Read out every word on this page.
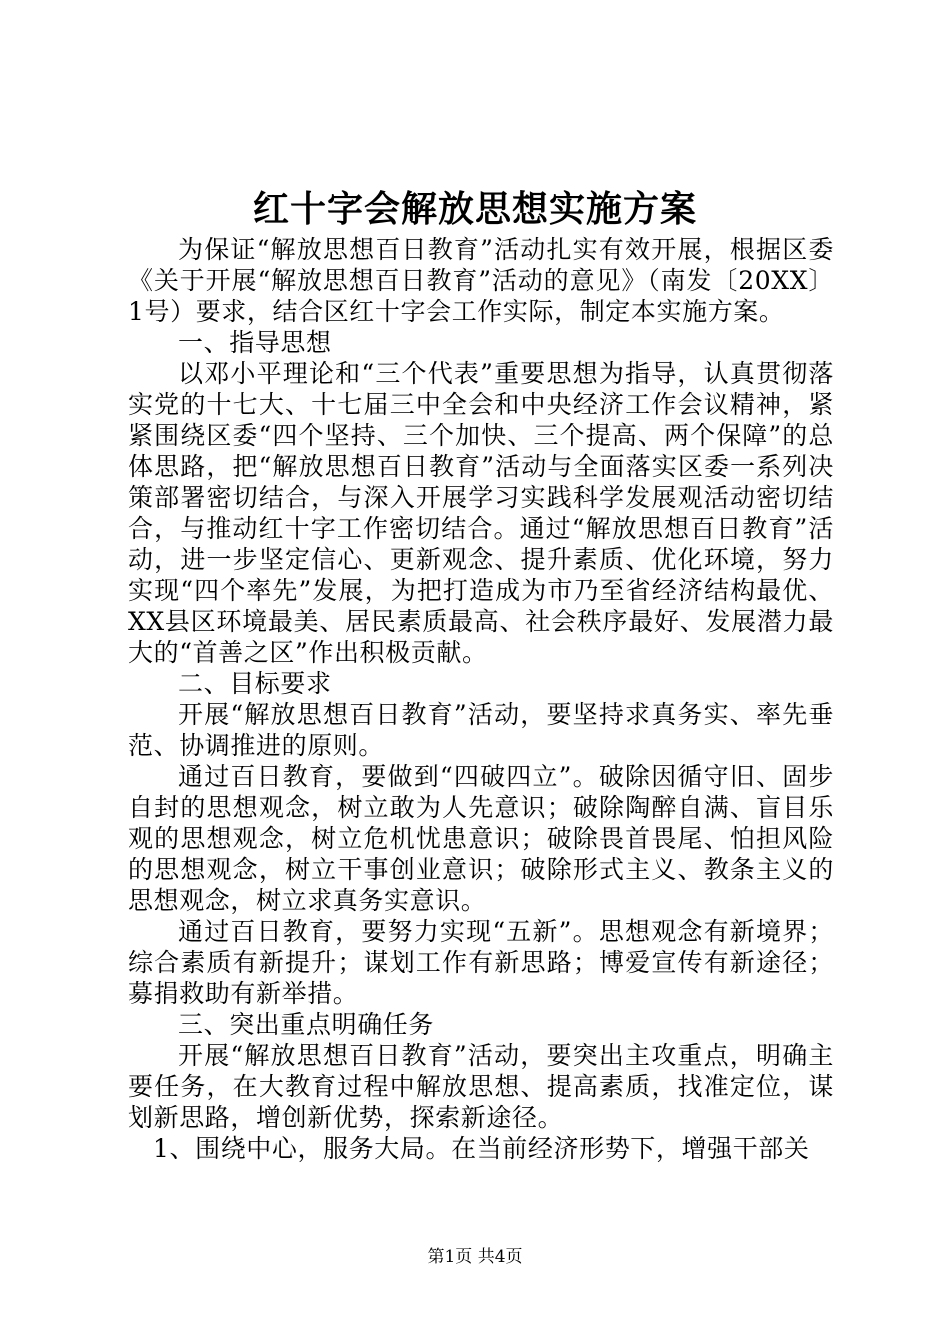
红十字会解放思想实施方案

为保证“解放思想百日教育”活动扎实有效开展，根据区委《关于开展“解放思想百日教育”活动的意见》（南发〔20XX〕1号）要求，结合区红十字会工作实际，制定本实施方案。

一、指导思想

以邓小平理论和“三个代表”重要思想为指导，认真贯彻落实党的十七大、十七届三中全会和中央经济工作会议精神，紧紧围绕区委“四个坚持、三个加快、三个提高、两个保障”的总体思路，把“解放思想百日教育”活动与全面落实区委一系列决策部署密切结合，与深入开展学习实践科学发展观活动密切结合，与推动红十字工作密切结合。通过“解放思想百日教育”活动，进一步坚定信心、更新观念、提升素质、优化环境，努力实现“四个率先”发展，为把打造成为市乃至省经济结构最优、XX县区环境最美、居民素质最高、社会秩序最好、发展潜力最大的“首善之区”作出积极贡献。

二、目标要求

开展“解放思想百日教育”活动，要坚持求真务实、率先垂范、协调推进的原则。

通过百日教育，要做到“四破四立”。破除因循守旧、固步自封的思想观念，树立敢为人先意识；破除陶醉自满、盲目乐观的思想观念，树立危机忧患意识；破除畏首畏尾、怕担风险的思想观念，树立干事创业意识；破除形式主义、教条主义的思想观念，树立求真务实意识。

通过百日教育，要努力实现“五新”。思想观念有新境界；综合素质有新提升；谋划工作有新思路；博爱宣传有新途径；募捐救助有新举措。

三、突出重点明确任务

开展“解放思想百日教育”活动，要突出主攻重点，明确主要任务，在大教育过程中解放思想、提高素质，找准定位，谋划新思路，增创新优势，探索新途径。

1、围绕中心，服务大局。在当前经济形势下，增强干部关

第1页 共4页
